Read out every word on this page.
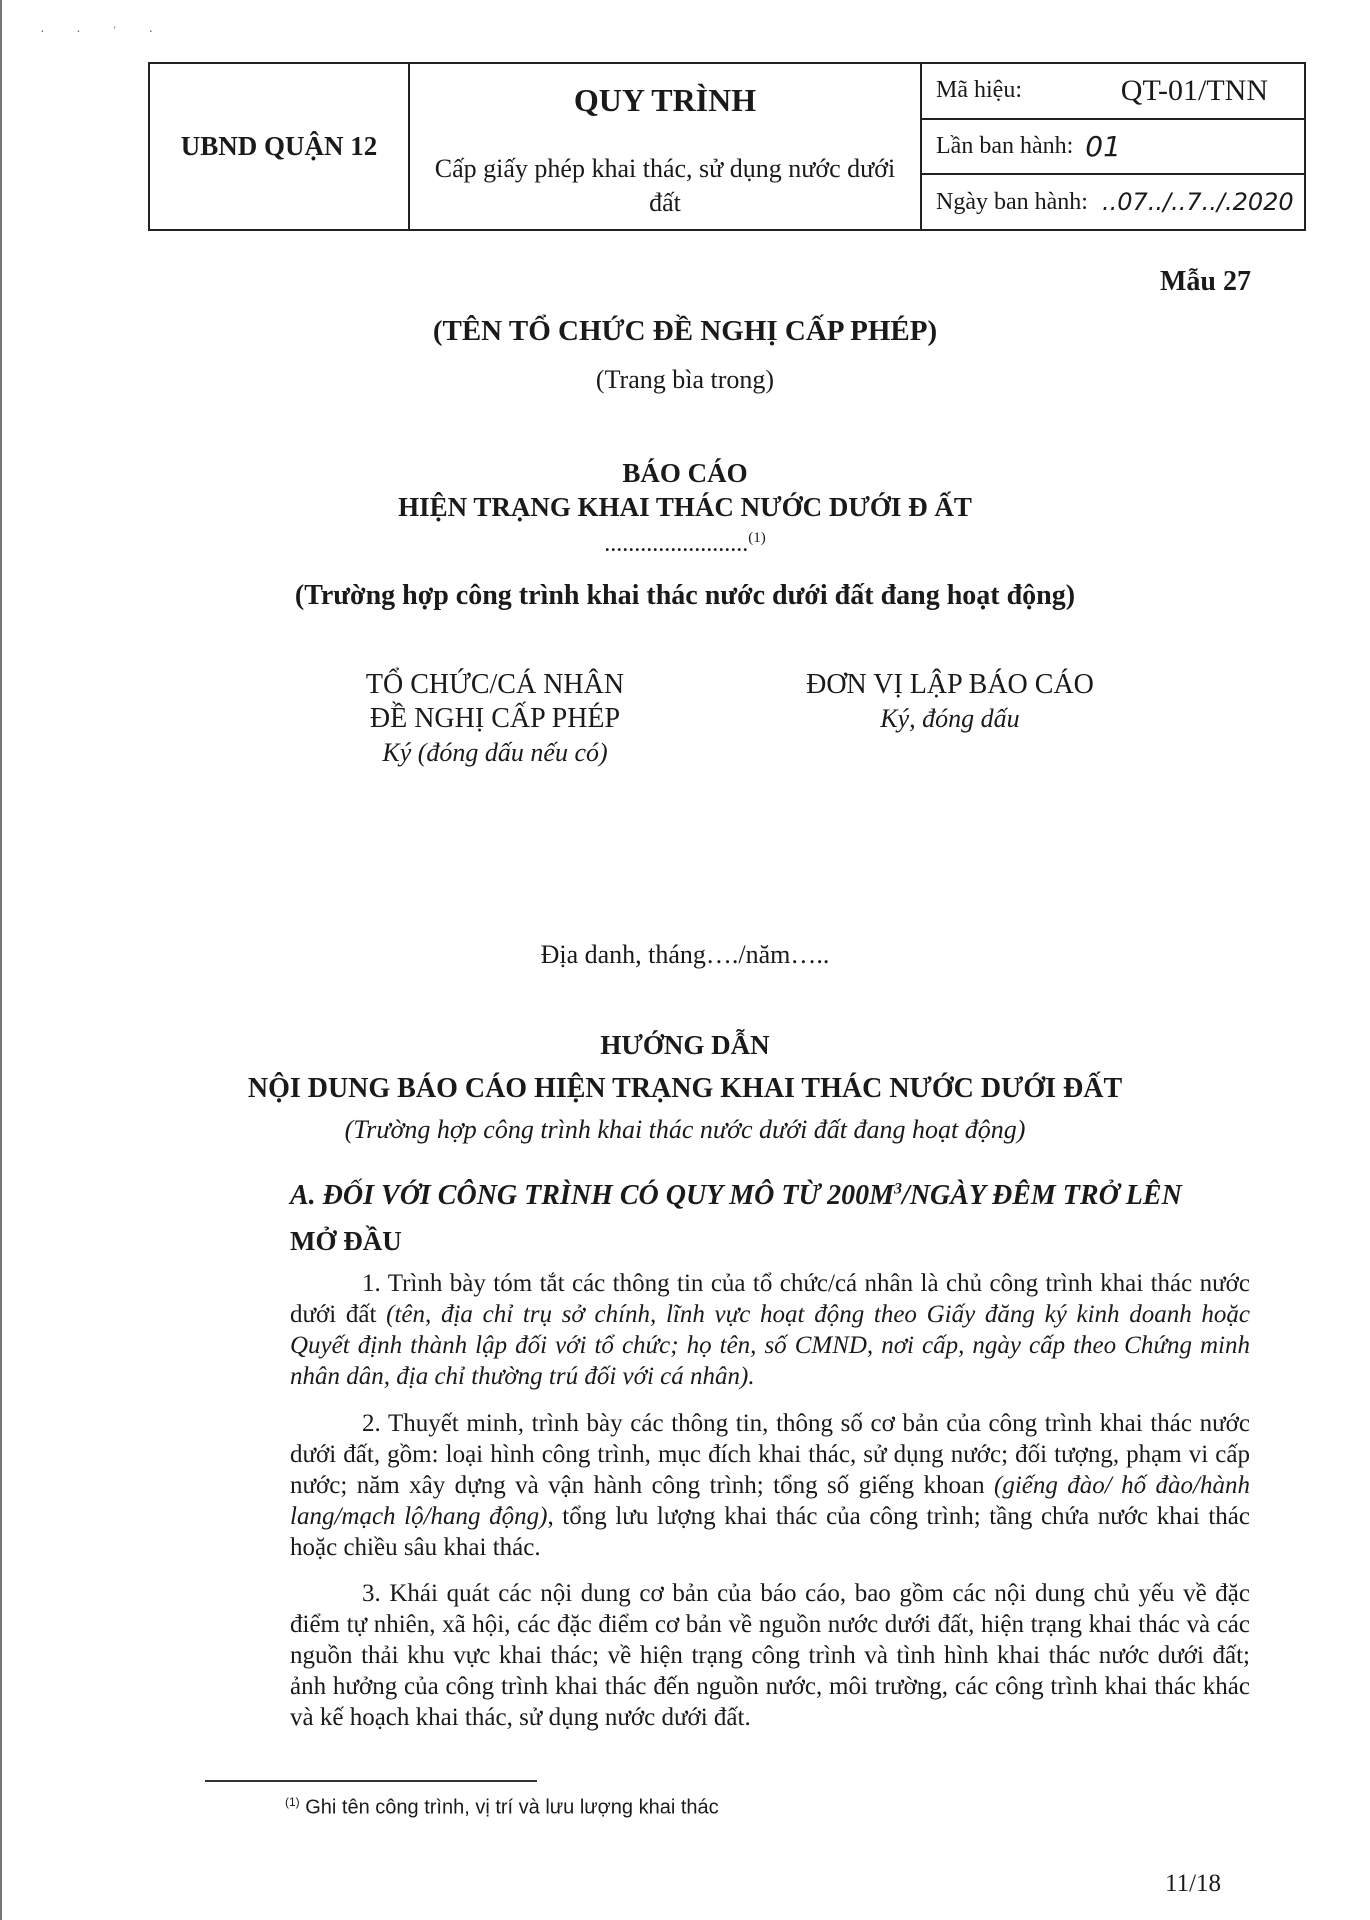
· · ˈ ·
UBND QUẬN 12
QUY TRÌNH
Cấp giấy phép khai thác, sử dụng nước dưới đất
Mã hiệu:	QT-01/TNN
Lần ban hành: 01
Ngày ban hành: ..07../..7../.2020
Mẫu 27
(TÊN TỔ CHỨC ĐỀ NGHỊ CẤP PHÉP)
(Trang bìa trong)
BÁO CÁO
HIỆN TRẠNG KHAI THÁC NƯỚC DƯỚI Đ ẤT
........................$^{(1)}$
(Trường hợp công trình khai thác nước dưới đất đang hoạt động)
TỔ CHỨC/CÁ NHÂN
ĐỀ NGHỊ CẤP PHÉP
Ký (đóng dấu nếu có)
ĐƠN VỊ LẬP BÁO CÁO
Ký, đóng dấu
Địa danh, tháng…./năm…..
HƯỚNG DẪN
NỘI DUNG BÁO CÁO HIỆN TRẠNG KHAI THÁC NƯỚC DƯỚI ĐẤT
(Trường hợp công trình khai thác nước dưới đất đang hoạt động)
A. ĐỐI VỚI CÔNG TRÌNH CÓ QUY MÔ TỪ $200M^3$/NGÀY ĐÊM TRỞ LÊN
MỞ ĐẦU
1. Trình bày tóm tắt các thông tin của tổ chức/cá nhân là chủ công trình khai thác nước dưới đất (tên, địa chỉ trụ sở chính, lĩnh vực hoạt động theo Giấy đăng ký kinh doanh hoặc Quyết định thành lập đối với tổ chức; họ tên, số CMND, nơi cấp, ngày cấp theo Chứng minh nhân dân, địa chỉ thường trú đối với cá nhân).
2. Thuyết minh, trình bày các thông tin, thông số cơ bản của công trình khai thác nước dưới đất, gồm: loại hình công trình, mục đích khai thác, sử dụng nước; đối tượng, phạm vi cấp nước; năm xây dựng và vận hành công trình; tổng số giếng khoan (giếng đào/ hố đào/hành lang/mạch lộ/hang động), tổng lưu lượng khai thác của công trình; tầng chứa nước khai thác hoặc chiều sâu khai thác.
3. Khái quát các nội dung cơ bản của báo cáo, bao gồm các nội dung chủ yếu về đặc điểm tự nhiên, xã hội, các đặc điểm cơ bản về nguồn nước dưới đất, hiện trạng khai thác và các nguồn thải khu vực khai thác; về hiện trạng công trình và tình hình khai thác nước dưới đất; ảnh hưởng của công trình khai thác đến nguồn nước, môi trường, các công trình khai thác khác và kế hoạch khai thác, sử dụng nước dưới đất.
$^{(1)}$ Ghi tên công trình, vị trí và lưu lượng khai thác
11/18
